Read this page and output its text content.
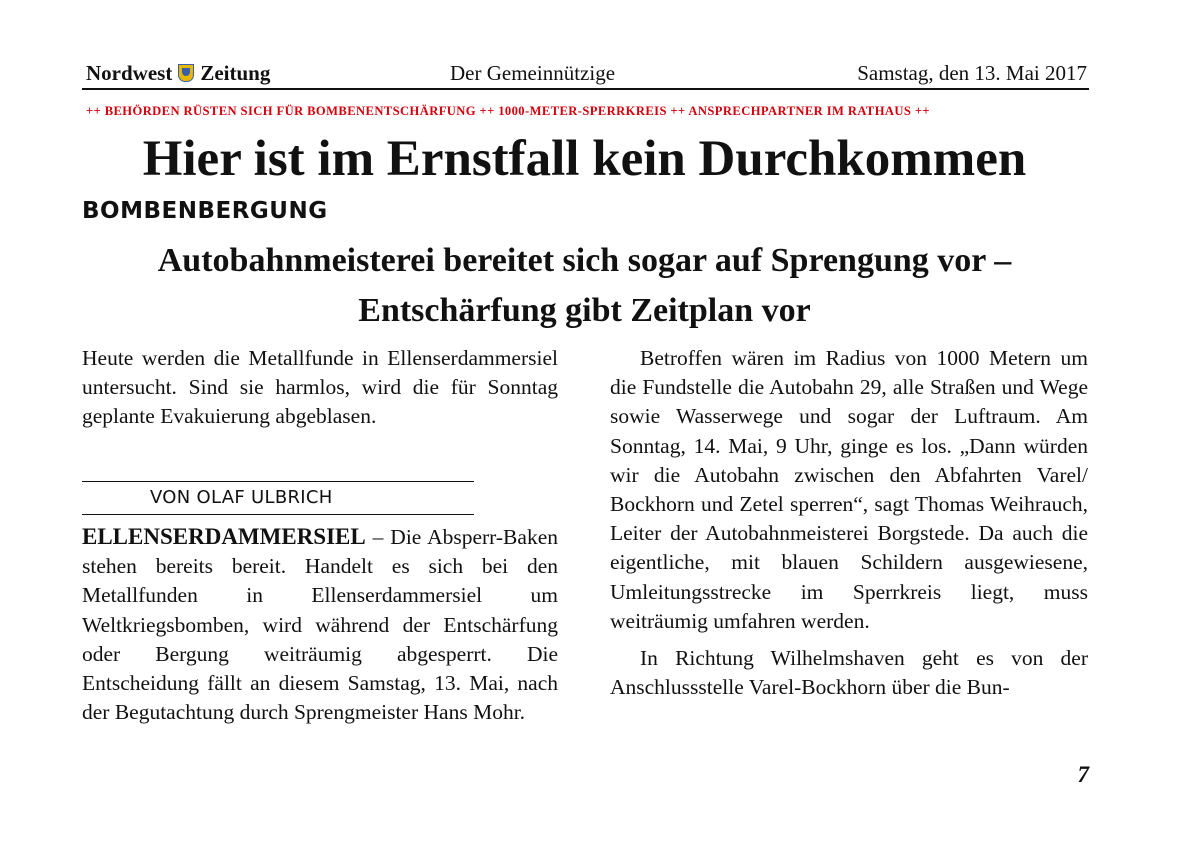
Nordwest Zeitung	Der Gemeinnützige	Samstag, den 13. Mai 2017
++ BEHÖRDEN RÜSTEN SICH FÜR BOMBENENTSCHÄRFUNG ++ 1000-METER-SPERRKREIS ++ ANSPRECHPARTNER IM RATHAUS ++
Hier ist im Ernstfall kein Durchkommen
BOMBENBERGUNG
Autobahnmeisterei bereitet sich sogar auf Sprengung vor – Entschärfung gibt Zeitplan vor

Heute werden die Metallfunde in Ellenserdammersiel untersucht. Sind sie harmlos, wird die für Sonntag geplante Evakuierung abgeblasen.

VON OLAF ULBRICH

ELLENSERDAMMERSIEL – Die Absperr-Baken stehen bereits bereit. Handelt es sich bei den Metallfunden in Ellenserdammersiel um Weltkriegsbomben, wird während der Entschärfung oder Bergung weiträumig abgesperrt. Die Entscheidung fällt an diesem Samstag, 13. Mai, nach der Begutachtung durch Sprengmeister Hans Mohr.

Betroffen wären im Radius von 1000 Metern um die Fundstelle die Autobahn 29, alle Straßen und Wege sowie Wasserwege und sogar der Luftraum. Am Sonntag, 14. Mai, 9 Uhr, ginge es los. „Dann würden wir die Autobahn zwischen den Abfahrten Varel/ Bockhorn und Zetel sperren“, sagt Thomas Weihrauch, Leiter der Autobahnmeisterei Borgstede. Da auch die eigentliche, mit blauen Schildern ausgewiesene, Umleitungsstrecke im Sperrkreis liegt, muss weiträumig umfahren werden.

In Richtung Wilhelmshaven geht es von der Anschlussstelle Varel-Bockhorn über die Bun-

7
